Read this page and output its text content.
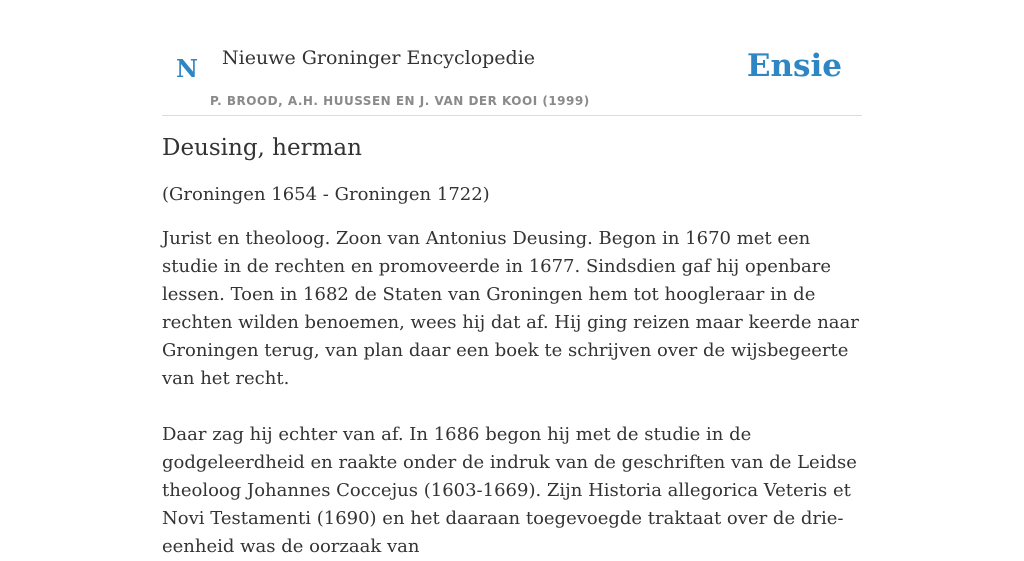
N Nieuwe Groninger Encyclopedie
P. BROOD, A.H. HUUSSEN EN J. VAN DER KOOI (1999)
Ensie
Deusing, herman

(Groningen 1654 - Groningen 1722)

Jurist en theoloog. Zoon van Antonius Deusing. Begon in 1670 met een studie in de rechten en promoveerde in 1677. Sindsdien gaf hij openbare lessen. Toen in 1682 de Staten van Groningen hem tot hoogleraar in de rechten wilden benoemen, wees hij dat af. Hij ging reizen maar keerde naar Groningen terug, van plan daar een boek te schrijven over de wijsbegeerte van het recht.

Daar zag hij echter van af. In 1686 begon hij met de studie in de godgeleerdheid en raakte onder de indruk van de geschriften van de Leidse theoloog Johannes Coccejus (1603-1669). Zijn Historia allegorica Veteris et Novi Testamenti (1690) en het daaraan toegevoegde traktaat over de drie-eenheid was de oorzaak van
